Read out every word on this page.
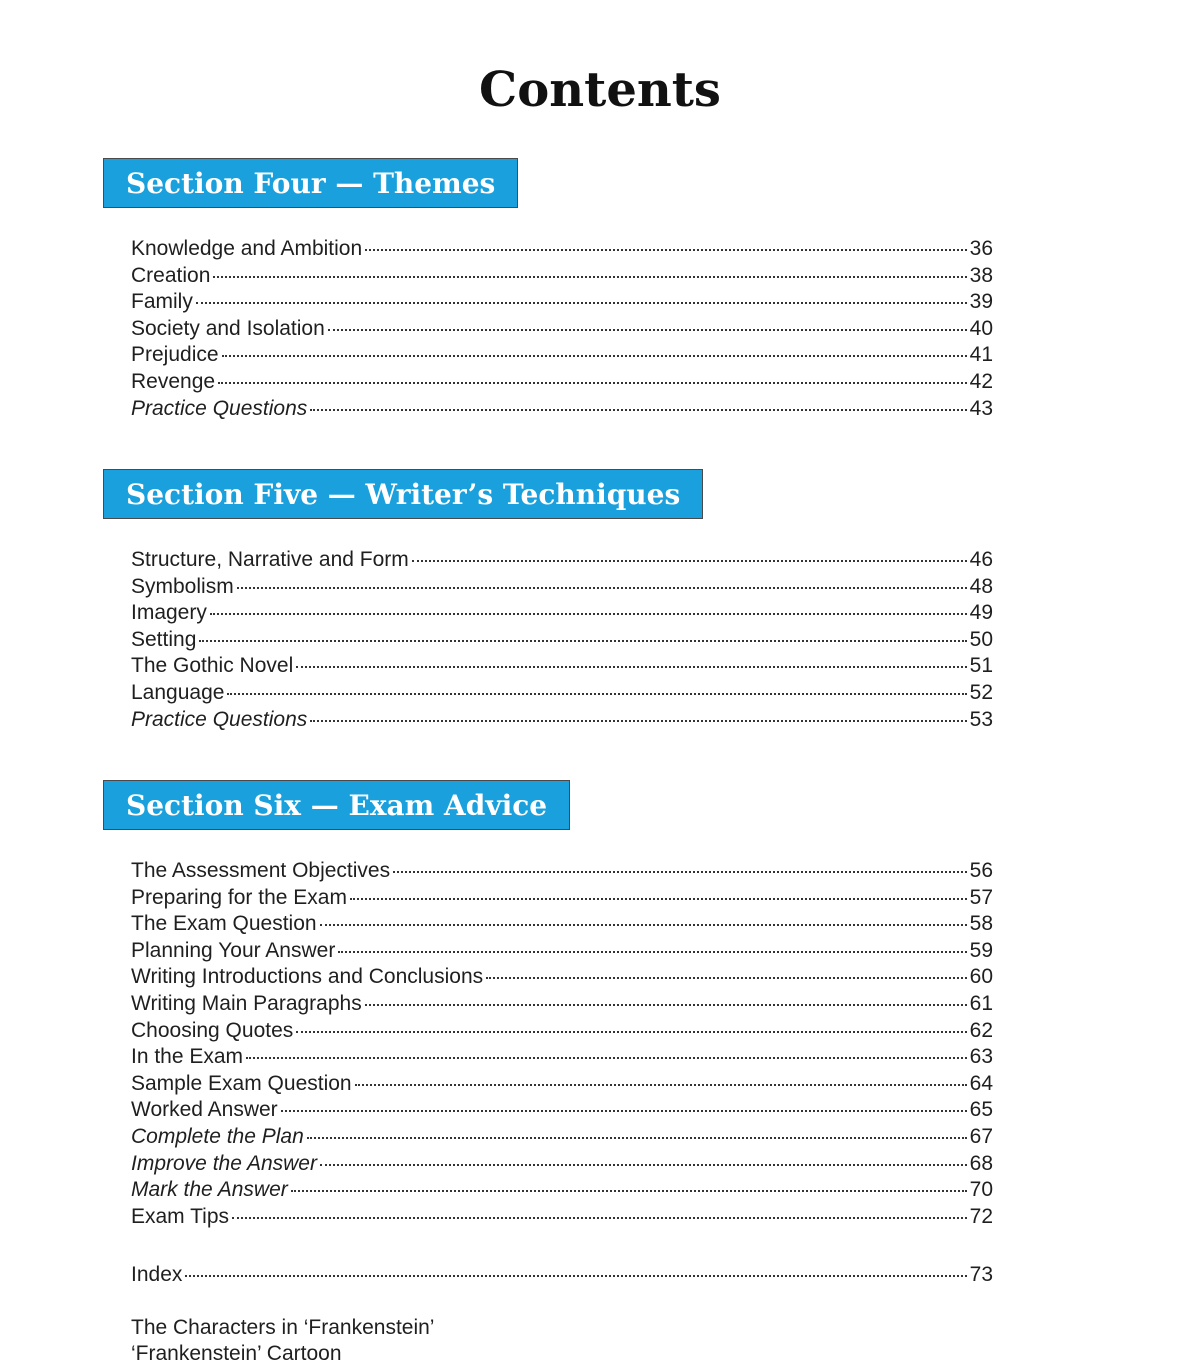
Contents
Section Four — Themes
Knowledge and Ambition	36
Creation	38
Family	39
Society and Isolation	40
Prejudice	41
Revenge	42
Practice Questions	43
Section Five — Writer’s Techniques
Structure, Narrative and Form	46
Symbolism	48
Imagery	49
Setting	50
The Gothic Novel	51
Language	52
Practice Questions	53
Section Six — Exam Advice
The Assessment Objectives	56
Preparing for the Exam	57
The Exam Question	58
Planning Your Answer	59
Writing Introductions and Conclusions	60
Writing Main Paragraphs	61
Choosing Quotes	62
In the Exam	63
Sample Exam Question	64
Worked Answer	65
Complete the Plan	67
Improve the Answer	68
Mark the Answer	70
Exam Tips	72
Index	73
The Characters in ‘Frankenstein’
‘Frankenstein’ Cartoon
